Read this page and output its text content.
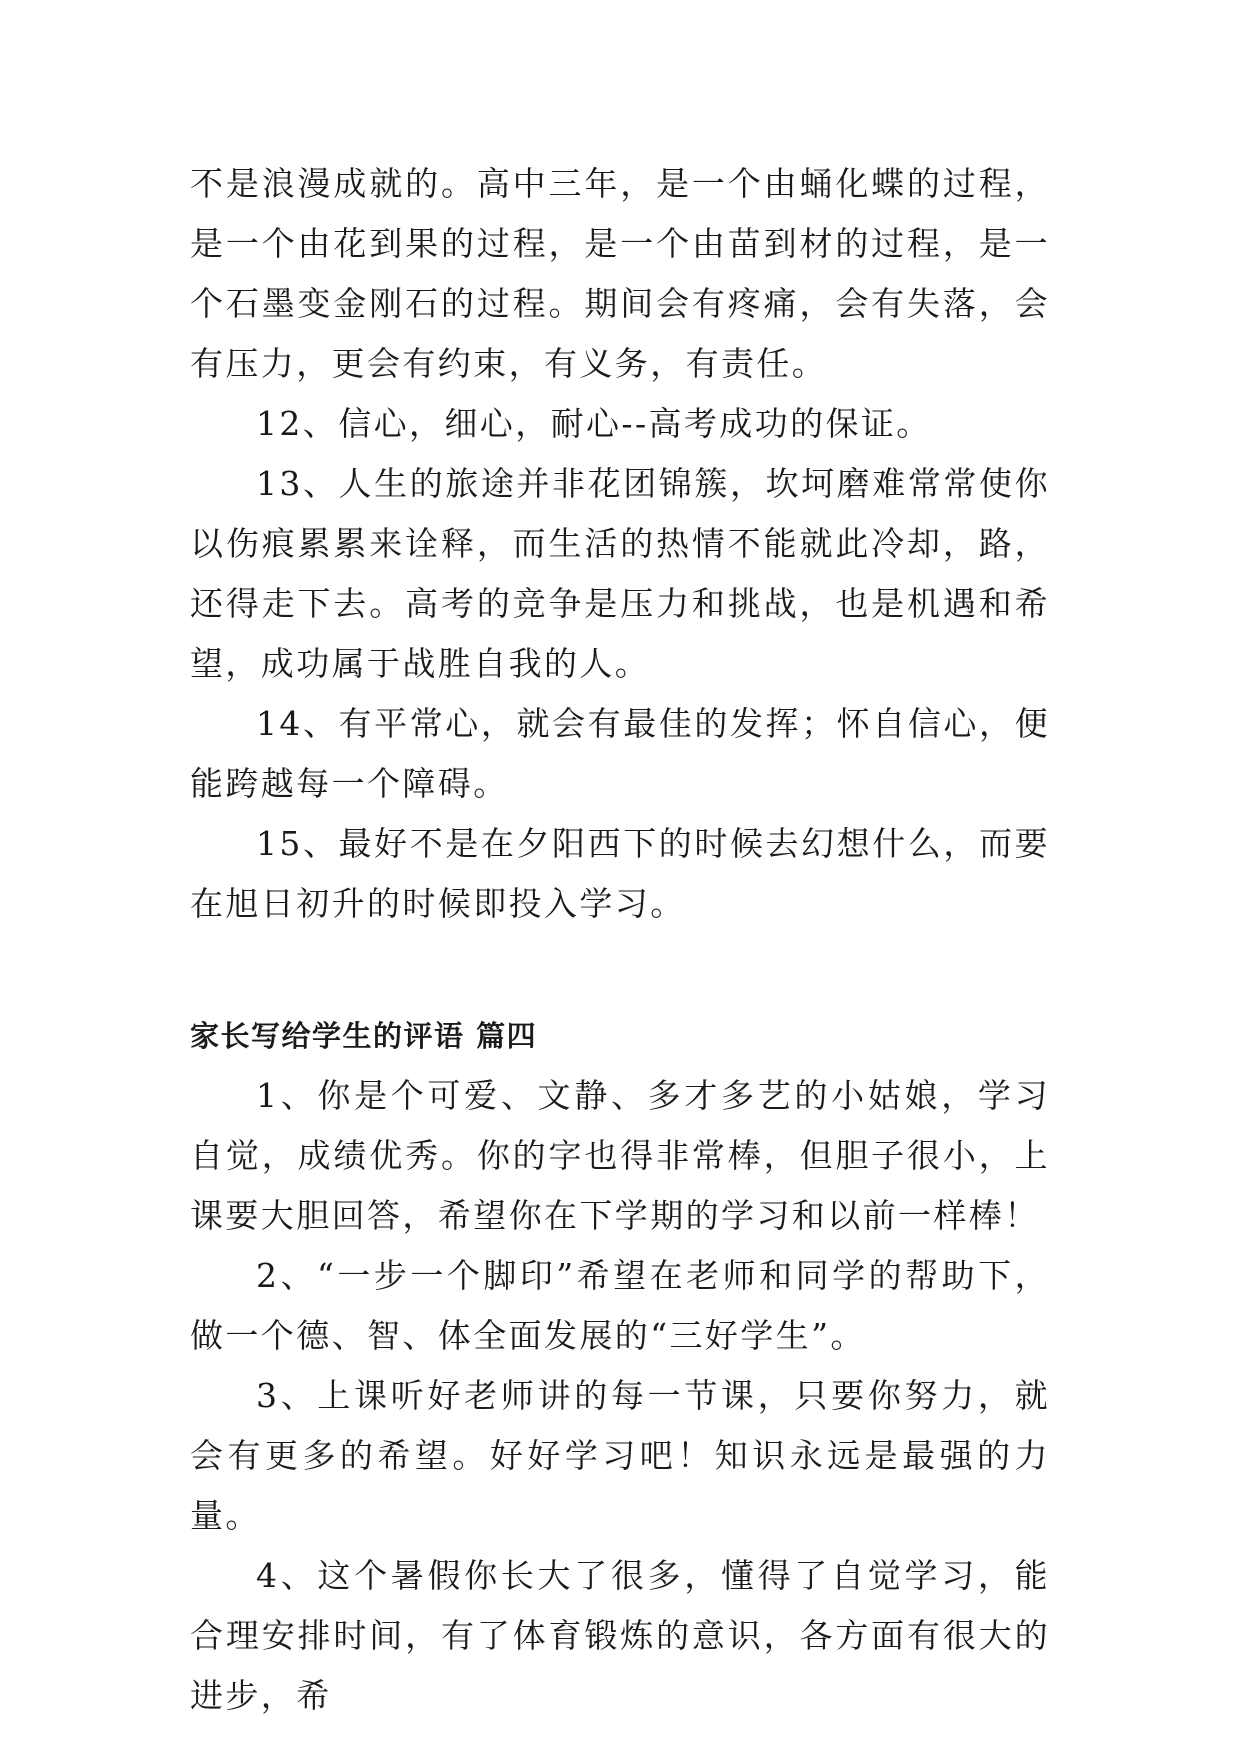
不是浪漫成就的。高中三年，是一个由蛹化蝶的过程，是一个由花到果的过程，是一个由苗到材的过程，是一个石墨变金刚石的过程。期间会有疼痛，会有失落，会有压力，更会有约束，有义务，有责任。

12、信心，细心，耐心--高考成功的保证。

13、人生的旅途并非花团锦簇，坎坷磨难常常使你以伤痕累累来诠释，而生活的热情不能就此冷却，路，还得走下去。高考的竞争是压力和挑战，也是机遇和希望，成功属于战胜自我的人。

14、有平常心，就会有最佳的发挥；怀自信心，便能跨越每一个障碍。

15、最好不是在夕阳西下的时候去幻想什么，而要在旭日初升的时候即投入学习。

家长写给学生的评语 篇四

1、你是个可爱、文静、多才多艺的小姑娘，学习自觉，成绩优秀。你的字也得非常棒，但胆子很小，上课要大胆回答，希望你在下学期的学习和以前一样棒！

2、“一步一个脚印”希望在老师和同学的帮助下，做一个德、智、体全面发展的“三好学生”。

3、上课听好老师讲的每一节课，只要你努力，就会有更多的希望。好好学习吧！知识永远是最强的力量。

4、这个暑假你长大了很多，懂得了自觉学习，能合理安排时间，有了体育锻炼的意识，各方面有很大的进步，希
